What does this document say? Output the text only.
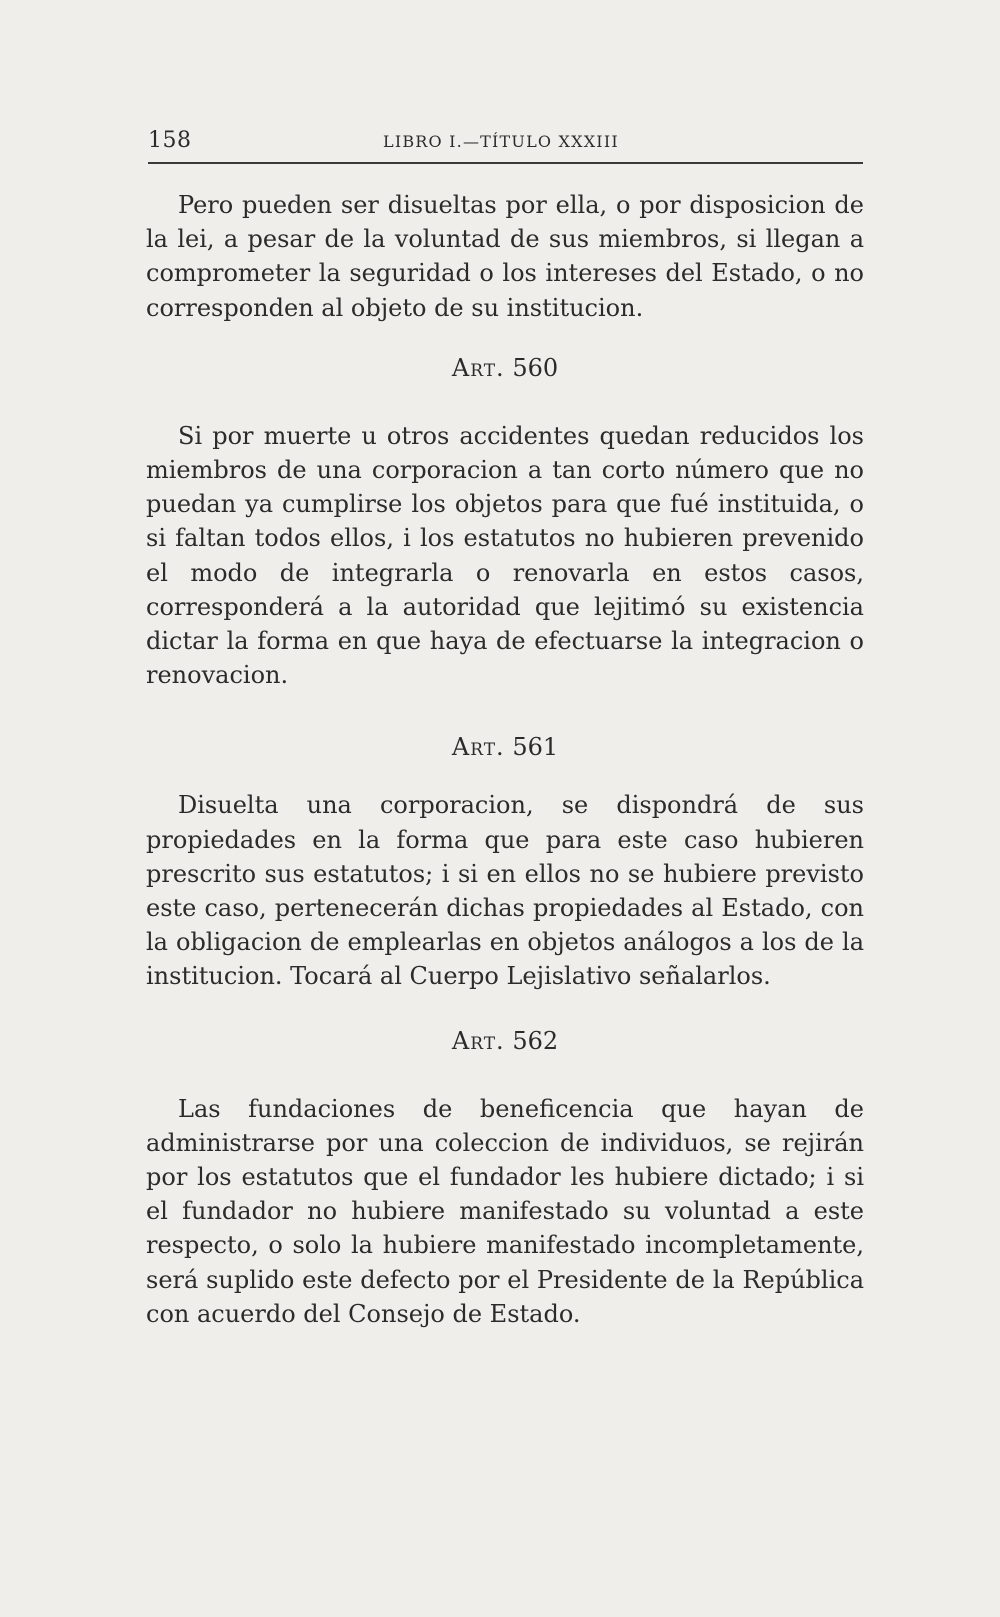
158	LIBRO I.—TÍTULO XXXIII

Pero pueden ser disueltas por ella, o por disposicion de la lei, a pesar de la voluntad de sus miembros, si llegan a comprometer la seguridad o los intereses del Estado, o no corresponden al objeto de su institucion.

Art. 560

Si por muerte u otros accidentes quedan reducidos los miembros de una corporacion a tan corto número que no puedan ya cumplirse los objetos para que fué instituida, o si faltan todos ellos, i los estatutos no hubieren prevenido el modo de integrarla o renovarla en estos casos, corresponderá a la autoridad que lejitimó su existencia dictar la forma en que haya de efectuarse la integracion o renovacion.

Art. 561

Disuelta una corporacion, se dispondrá de sus propiedades en la forma que para este caso hubieren prescrito sus estatutos; i si en ellos no se hubiere previsto este caso, pertenecerán dichas propiedades al Estado, con la obligacion de emplearlas en objetos análogos a los de la institucion. Tocará al Cuerpo Lejislativo señalarlos.

Art. 562

Las fundaciones de beneficencia que hayan de administrarse por una coleccion de individuos, se rejirán por los estatutos que el fundador les hubiere dictado; i si el fundador no hubiere manifestado su voluntad a este respecto, o solo la hubiere manifestado incompletamente, será suplido este defecto por el Presidente de la República con acuerdo del Consejo de Estado.
